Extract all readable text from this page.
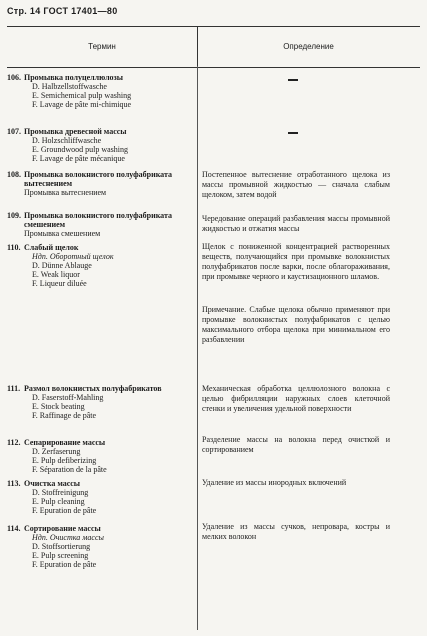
Стр. 14 ГОСТ 17401—80
Термин	Определение
106. Промывка полуцеллюлозы
D. Halbzellstoffwasche
E. Semichemical pulp washing
F. Lavage de pâte mi-chimique
107. Промывка древесной массы
D. Holzschliffwasche
E. Groundwood pulp washing
F. Lavage de pâte mécanique
108. Промывка волокнистого полуфабриката вытеснением
Промывка вытеснением
109. Промывка волокнистого полуфабриката смешением
Промывка смешением
110. Слабый щелок
Ндп. Оборотный щелок
D. Dünne Ablauge
E. Weak liquor
F. Liqueur diluée
111. Размол волокнистых полуфабрикатов
D. Faserstoff-Mahling
E. Stock beating
F. Raffinage de pâte
112. Сепарирование массы
D. Zerfaserung
E. Pulp defiberizing
F. Séparation de la pâte
113. Очистка массы
D. Stoffreinigung
E. Pulp cleaning
F. Epuration de pâte
114. Сортирование массы
Ндп. Очистка массы
D. Stoffsortierung
E. Pulp screening
F. Epuration de pâte
Постепенное вытеснение отработанного щелока из массы промывной жидкостью — сначала слабым щелоком, затем водой
Чередование операций разбавления массы промывной жидкостью и отжатия массы
Щелок с пониженной концентрацией растворенных веществ, получающийся при промывке волокнистых полуфабрикатов после варки, после облагораживания, при промывке черного и каустизационного шламов.
Примечание. Слабые щелока обычно применяют при промывке волокнистых полуфабрикатов с целью максимального отбора щелока при минимальном его разбавлении
Механическая обработка целлюлозного волокна с целью фибрилляции наружных слоев клеточной стенки и увеличения удельной поверхности
Разделение массы на волокна перед очисткой и сортированием
Удаление из массы инородных включений
Удаление из массы сучков, непровара, костры и мелких волокон
